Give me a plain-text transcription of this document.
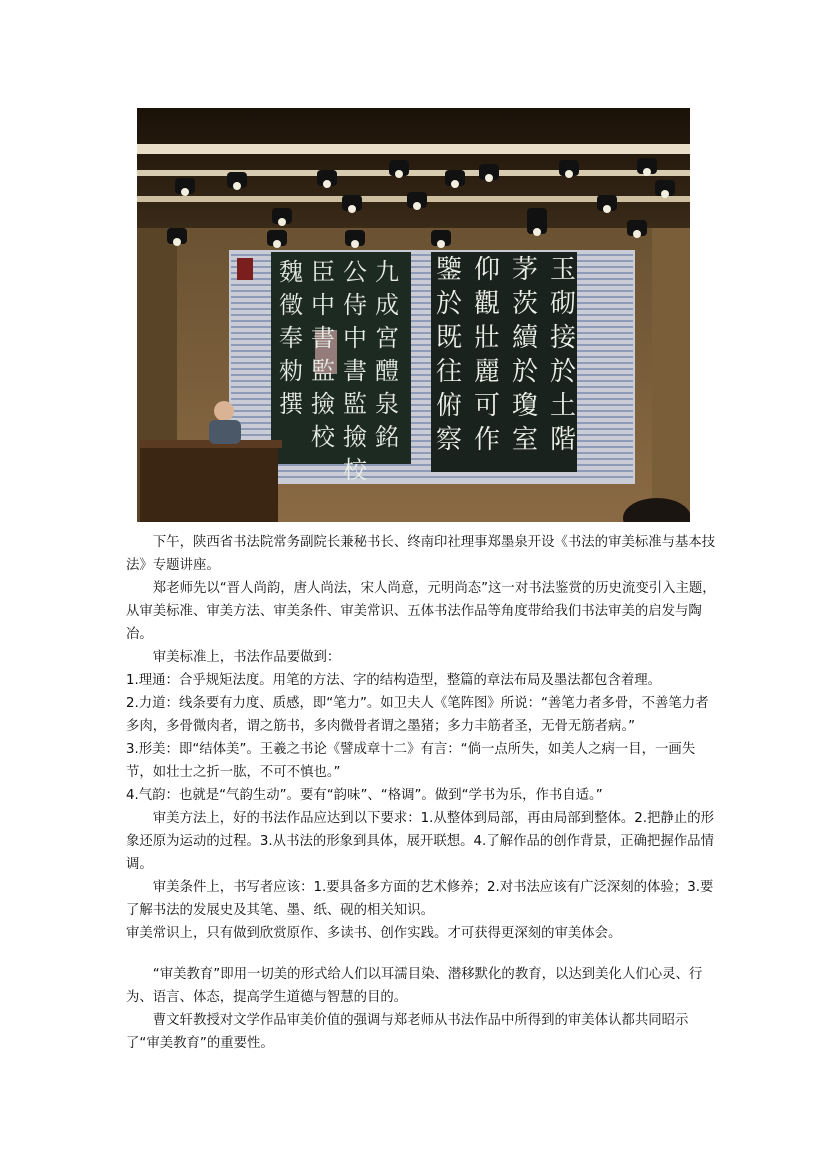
九
成
宮
醴
泉
銘
公
侍
中
書
監
撿
校
臣
中
書
監
撿
校
魏
徵
奉
勑
撰
鑒 仰 茅 玉
於 觀 茨 砌
既 壯 續 接
往 麗 於 於
俯 可 瓊 土
察 作 室 階

下午，陕西省书法院常务副院长兼秘书长、终南印社理事郑墨泉开设《书法的审美标准与基本技法》专题讲座。

郑老师先以“晋人尚韵，唐人尚法，宋人尚意，元明尚态”这一对书法鉴赏的历史流变引入主题，从审美标准、审美方法、审美条件、审美常识、五体书法作品等角度带给我们书法审美的启发与陶冶。

审美标准上，书法作品要做到：

1.理通：合乎规矩法度。用笔的方法、字的结构造型，整篇的章法布局及墨法都包含着理。

2.力道：线条要有力度、质感，即“笔力”。如卫夫人《笔阵图》所说：“善笔力者多骨，不善笔力者多肉，多骨微肉者，谓之筋书，多肉微骨者谓之墨猪；多力丰筋者圣，无骨无筋者病。”

3.形美：即“结体美”。王羲之书论《譬成章十二》有言：“倘一点所失，如美人之病一目，一画失节，如壮士之折一肱，不可不慎也。”

4.气韵：也就是“气韵生动”。要有“韵味”、“格调”。做到“学书为乐，作书自适。”

审美方法上，好的书法作品应达到以下要求：1.从整体到局部，再由局部到整体。2.把静止的形象还原为运动的过程。3.从书法的形象到具体，展开联想。4.了解作品的创作背景，正确把握作品情调。

审美条件上，书写者应该：1.要具备多方面的艺术修养；2.对书法应该有广泛深刻的体验；3.要了解书法的发展史及其笔、墨、纸、砚的相关知识。

审美常识上，只有做到欣赏原作、多读书、创作实践。才可获得更深刻的审美体会。

“审美教育”即用一切美的形式给人们以耳濡目染、潜移默化的教育，以达到美化人们心灵、行为、语言、体态，提高学生道德与智慧的目的。

曹文轩教授对文学作品审美价值的强调与郑老师从书法作品中所得到的审美体认都共同昭示了“审美教育”的重要性。
